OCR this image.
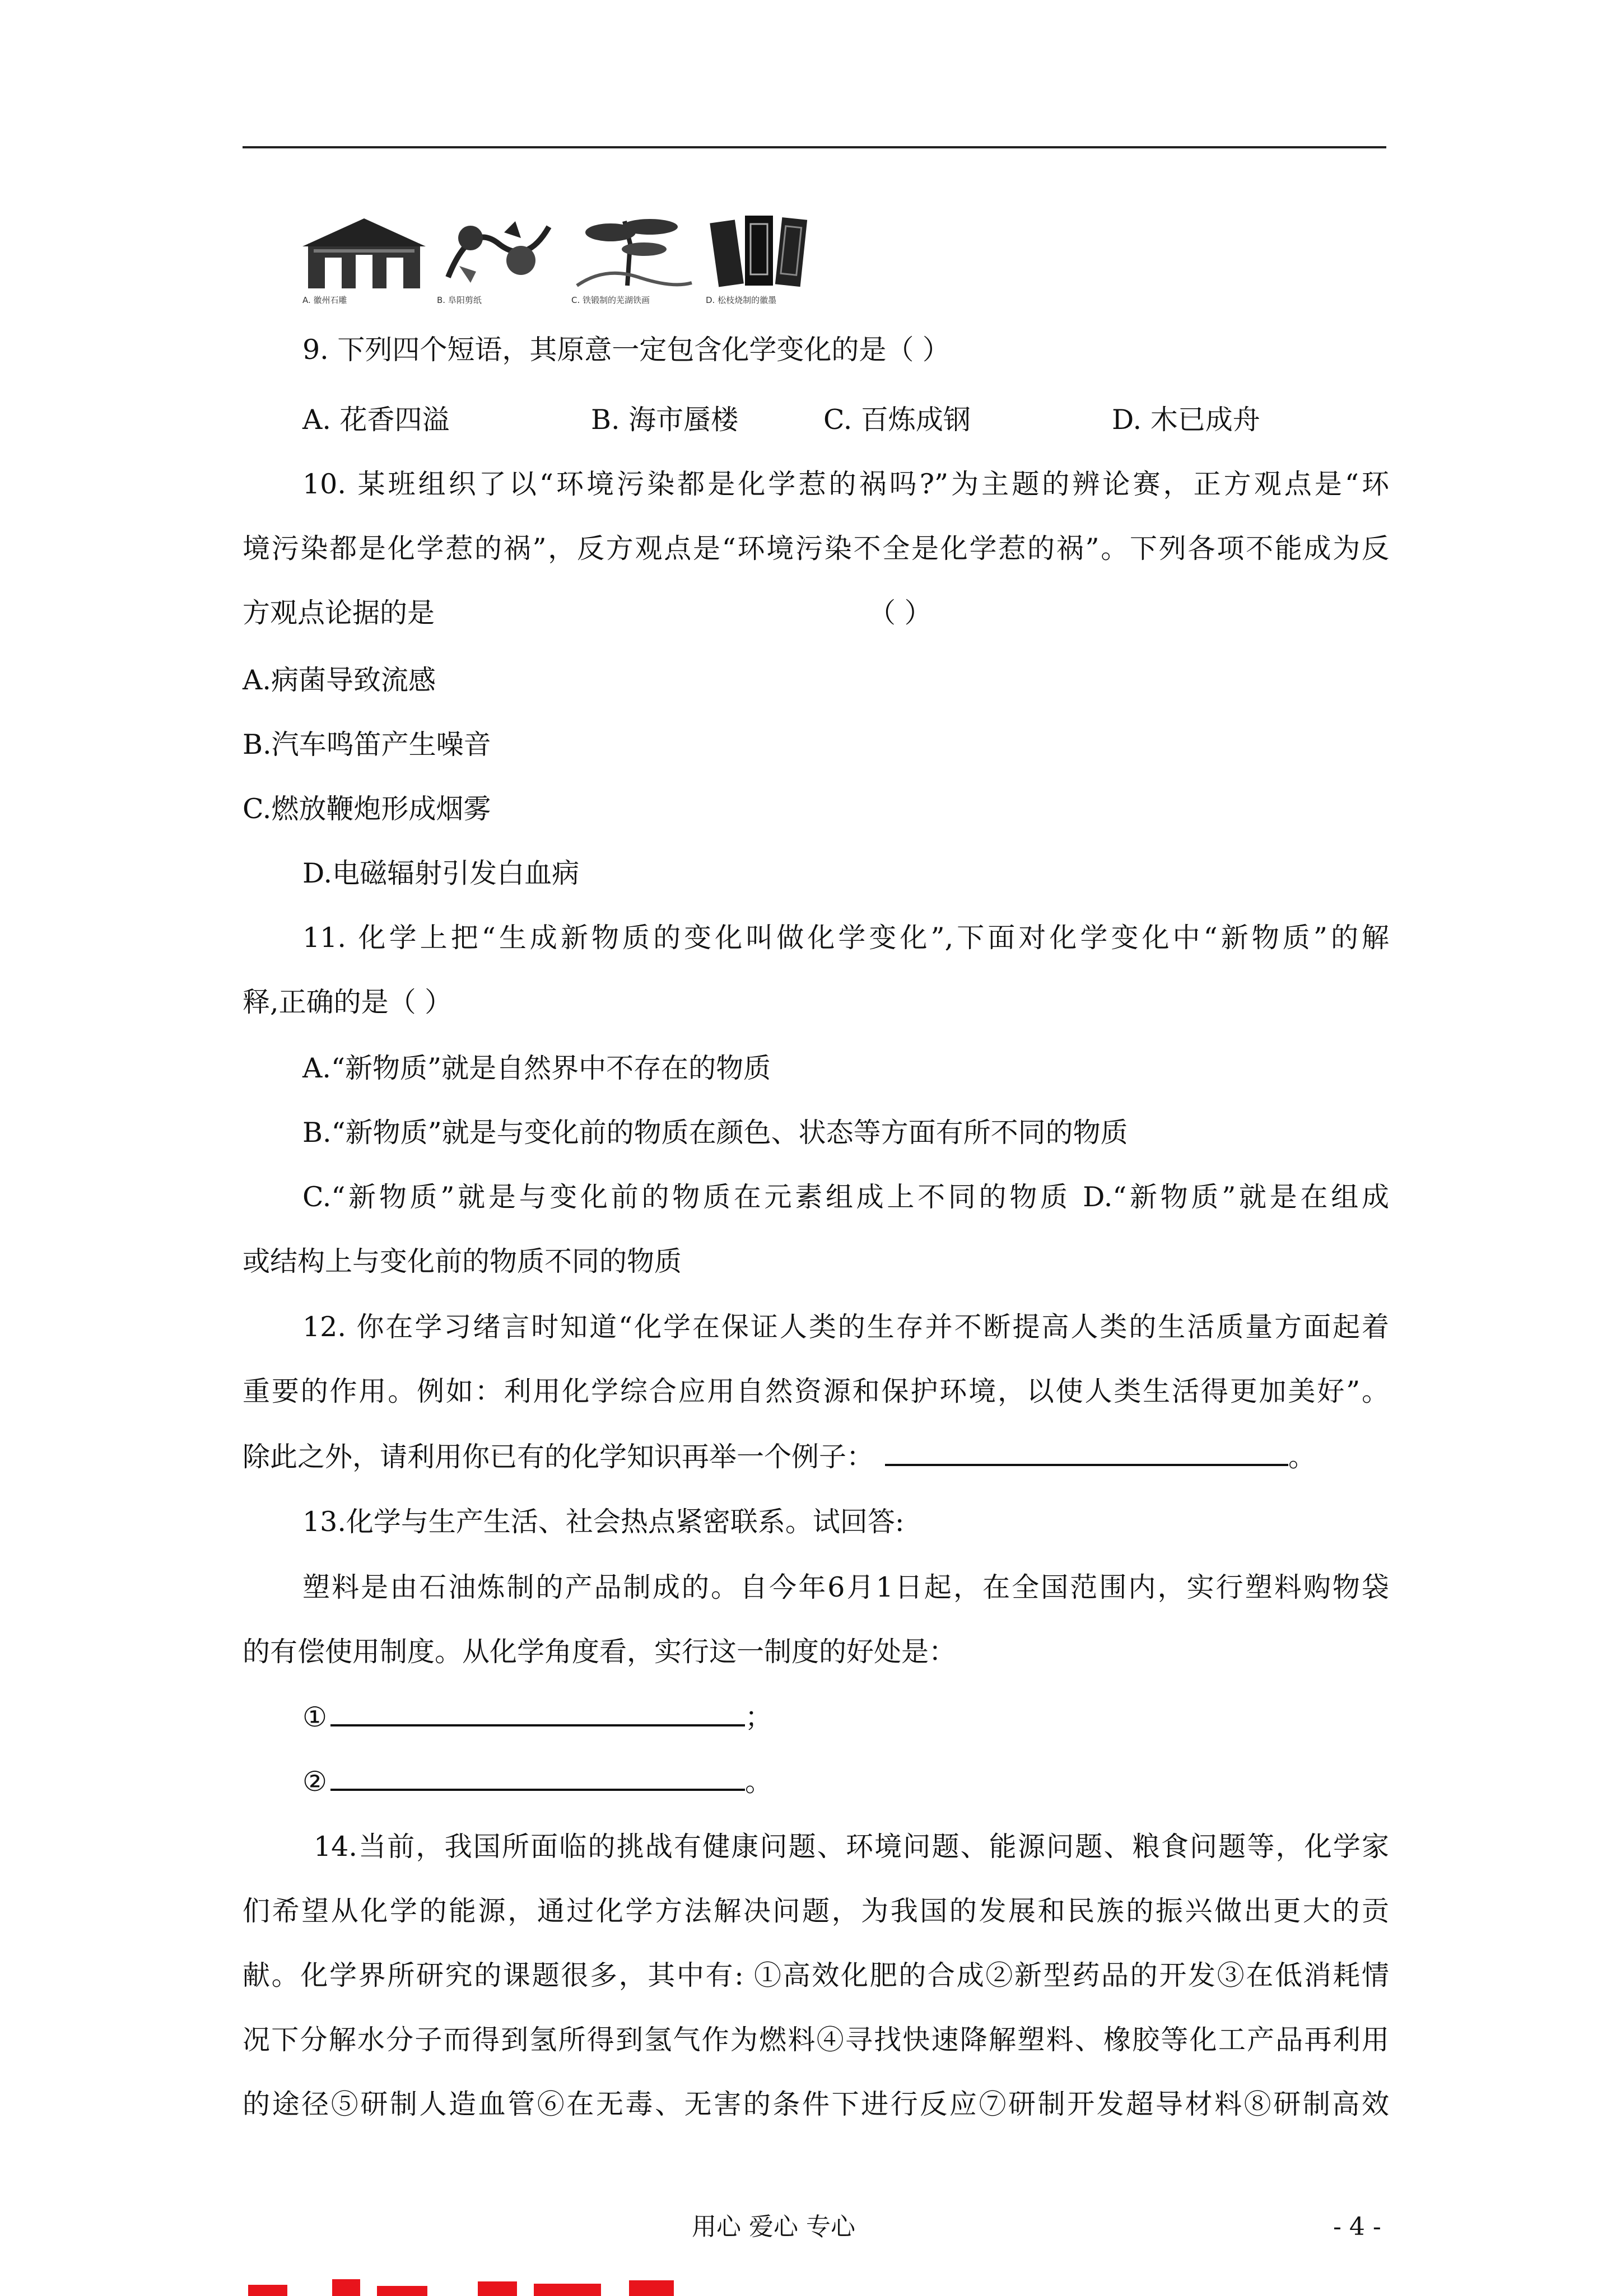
A. 徽州石雕	B. 阜阳剪纸	C. 铁锻制的芜湖铁画	D. 松枝烧制的徽墨
9. 下列四个短语，其原意一定包含化学变化的是（ ）
A. 花香四溢	B. 海市蜃楼	C. 百炼成钢	D. 木已成舟
10. 某班组织了以“环境污染都是化学惹的祸吗?”为主题的辨论赛，正方观点是“环
境污染都是化学惹的祸”，反方观点是“环境污染不全是化学惹的祸”。下列各项不能成为反
方观点论据的是	（ ）
A.病菌导致流感
B.汽车鸣笛产生噪音
C.燃放鞭炮形成烟雾
D.电磁辐射引发白血病
11. 化学上把“生成新物质的变化叫做化学变化”,下面对化学变化中“新物质”的解
释,正确的是（ ）
A.“新物质”就是自然界中不存在的物质
B.“新物质”就是与变化前的物质在颜色、状态等方面有所不同的物质
C.“新物质”就是与变化前的物质在元素组成上不同的物质 D.“新物质”就是在组成
或结构上与变化前的物质不同的物质
12. 你在学习绪言时知道“化学在保证人类的生存并不断提高人类的生活质量方面起着
重要的作用。例如：利用化学综合应用自然资源和保护环境，以使人类生活得更加美好”。
除此之外，请利用你已有的化学知识再举一个例子：	。
13.化学与生产生活、社会热点紧密联系。试回答:
塑料是由石油炼制的产品制成的。自今年6月1日起，在全国范围内，实行塑料购物袋
的有偿使用制度。从化学角度看，实行这一制度的好处是：
①	；
②	。
14.当前，我国所面临的挑战有健康问题、环境问题、能源问题、粮食问题等，化学家
们希望从化学的能源，通过化学方法解决问题，为我国的发展和民族的振兴做出更大的贡
献。化学界所研究的课题很多，其中有: ①高效化肥的合成②新型药品的开发③在低消耗情
况下分解水分子而得到氢所得到氢气作为燃料④寻找快速降解塑料、橡胶等化工产品再利用
的途径⑤研制人造血管⑥在无毒、无害的条件下进行反应⑦研制开发超导材料⑧研制高效
用心 爱心 专心	- 4 -
